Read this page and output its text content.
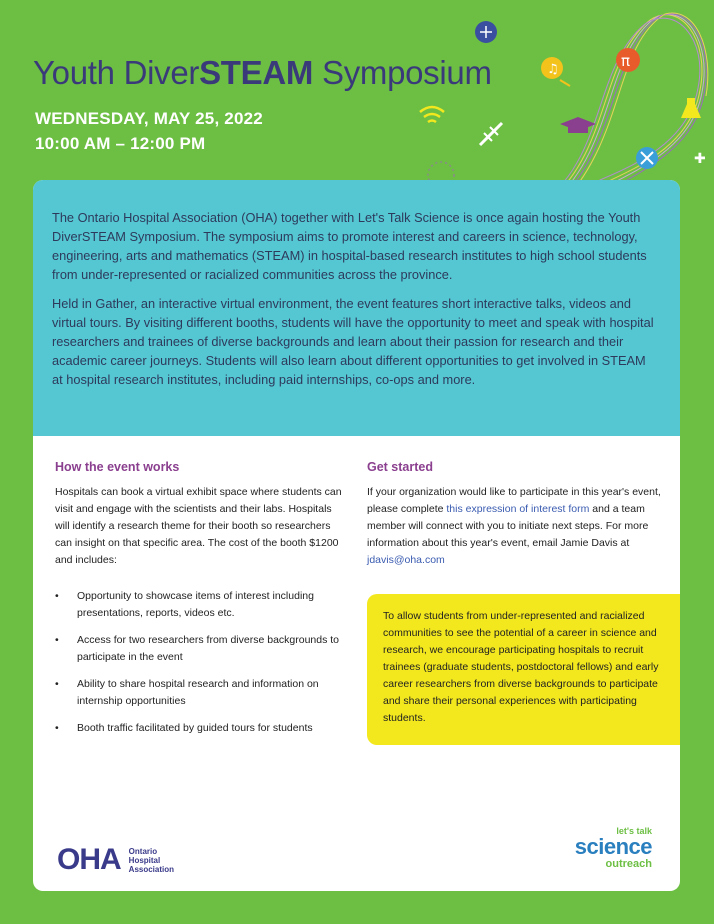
Youth DiverSTEAM Symposium
WEDNESDAY, MAY 25, 2022
10:00 AM – 12:00 PM
♫	π
✚

The Ontario Hospital Association (OHA) together with Let's Talk Science is once again hosting the Youth DiverSTEAM Symposium. The symposium aims to promote interest and careers in science, technology, engineering, arts and mathematics (STEAM) in hospital-based research institutes to high school students from under-represented or racialized communities across the province.

Held in Gather, an interactive virtual environment, the event features short interactive talks, videos and virtual tours. By visiting different booths, students will have the opportunity to meet and speak with hospital researchers and trainees of diverse backgrounds and learn about their passion for research and their academic career journeys. Students will also learn about different opportunities to get involved in STEAM at hospital research institutes, including paid internships, co-ops and more.

How the event works
Hospitals can book a virtual exhibit space where students can visit and engage with the scientists and their labs. Hospitals will identify a research theme for their booth so researchers can insight on that specific area. The cost of the booth $1200 and includes:
• Opportunity to showcase items of interest including presentations, reports, videos etc.
• Access for two researchers from diverse backgrounds to participate in the event
• Ability to share hospital research and information on internship opportunities
• Booth traffic facilitated by guided tours for students
Get started
If your organization would like to participate in this year's event, please complete this expression of interest form and a team member will connect with you to initiate next steps. For more information about this year's event, email Jamie Davis at jdavis@oha.com
To allow students from under-represented and racialized communities to see the potential of a career in science and research, we encourage participating hospitals to recruit trainees (graduate students, postdoctoral fellows) and early career researchers from diverse backgrounds to participate and share their personal experiences with participating students.
OHA Ontario
Hospital
Association
let's talk
science
outreach
